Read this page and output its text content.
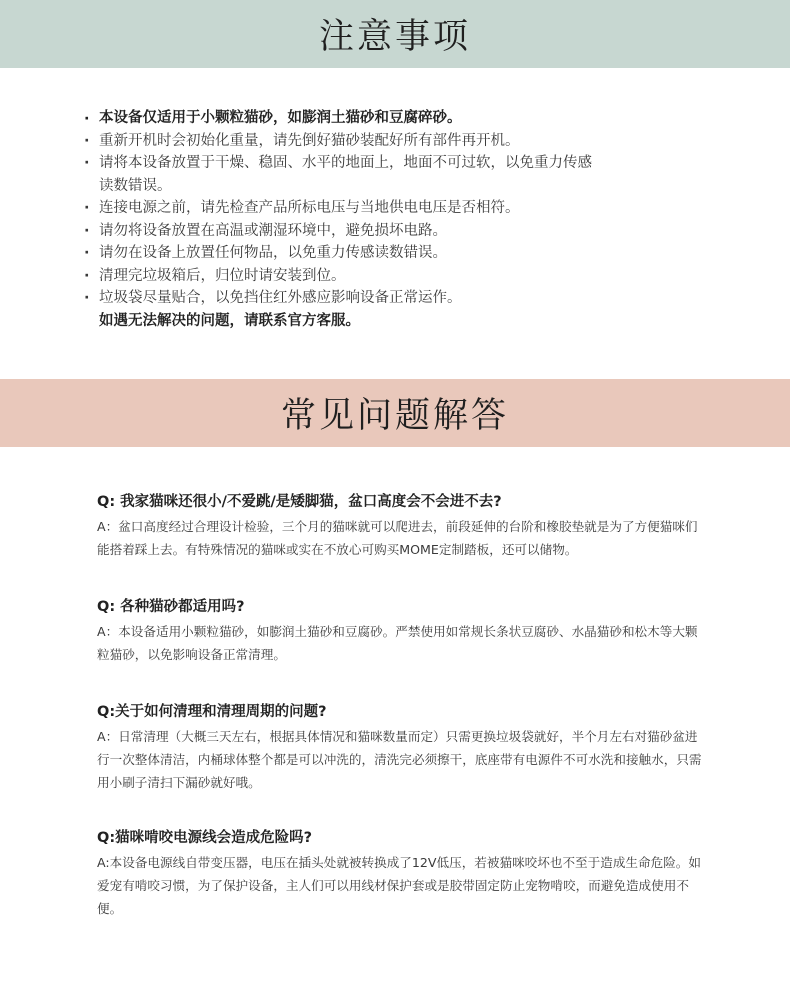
注意事项
· 本设备仅适用于小颗粒猫砂，如膨润土猫砂和豆腐碎砂。
· 重新开机时会初始化重量，请先倒好猫砂装配好所有部件再开机。
· 请将本设备放置于干燥、稳固、水平的地面上，地面不可过软，以免重力传感读数错误。
· 连接电源之前，请先检查产品所标电压与当地供电电压是否相符。
· 请勿将设备放置在高温或潮湿环境中，避免损坏电路。
· 请勿在设备上放置任何物品，以免重力传感读数错误。
· 清理完垃圾箱后，归位时请安装到位。
· 垃圾袋尽量贴合，以免挡住红外感应影响设备正常运作。
如遇无法解决的问题，请联系官方客服。
常见问题解答
Q: 我家猫咪还很小/不爱跳/是矮脚猫，盆口高度会不会进不去?
A：盆口高度经过合理设计检验，三个月的猫咪就可以爬进去，前段延伸的台阶和橡胶垫就是为了方便猫咪们能搭着踩上去。有特殊情况的猫咪或实在不放心可购买MOME定制踏板，还可以储物。
Q: 各种猫砂都适用吗?
A：本设备适用小颗粒猫砂，如膨润土猫砂和豆腐砂。严禁使用如常规长条状豆腐砂、水晶猫砂和松木等大颗粒猫砂，以免影响设备正常清理。
Q:关于如何清理和清理周期的问题?
A：日常清理（大概三天左右，根据具体情况和猫咪数量而定）只需更换垃圾袋就好，半个月左右对猫砂盆进行一次整体清洁，内桶球体整个都是可以冲洗的，清洗完必须擦干，底座带有电源件不可水洗和接触水，只需用小刷子清扫下漏砂就好哦。
Q:猫咪啃咬电源线会造成危险吗?
A:本设备电源线自带变压器，电压在插头处就被转换成了12V低压，若被猫咪咬坏也不至于造成生命危险。如爱宠有啃咬习惯，为了保护设备，主人们可以用线材保护套或是胶带固定防止宠物啃咬，而避免造成使用不便。
